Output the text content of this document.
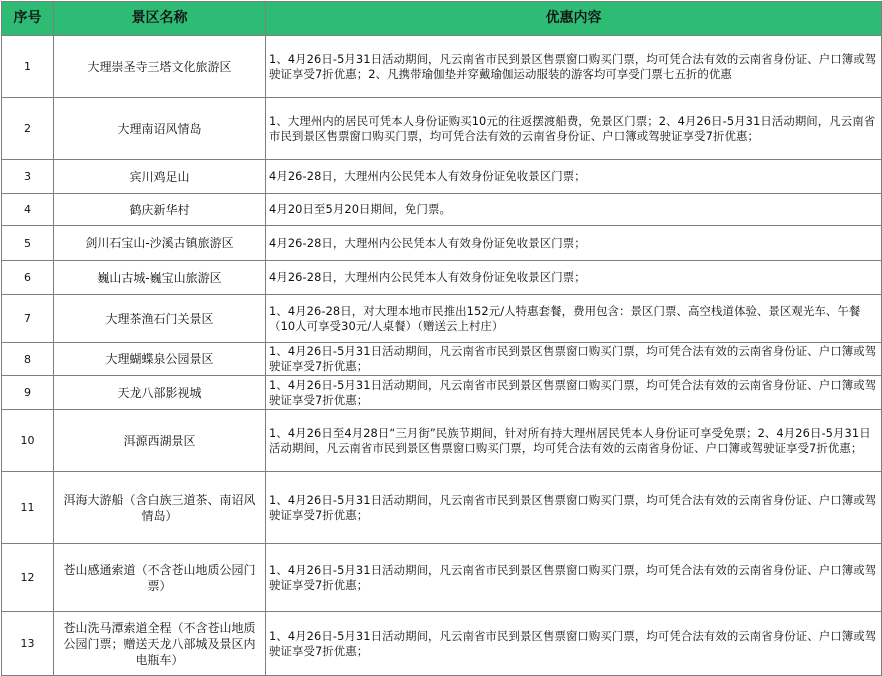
序号	景区名称	优惠内容
1	大理崇圣寺三塔文化旅游区	1、4月26日-5月31日活动期间，凡云南省市民到景区售票窗口购买门票，均可凭合法有效的云南省身份证、户口簿或驾驶证享受7折优惠；2、凡携带瑜伽垫并穿戴瑜伽运动服装的游客均可享受门票七五折的优惠
2	大理南诏风情岛	1、大理州内的居民可凭本人身份证购买10元的往返摆渡船费，免景区门票；2、4月26日-5月31日活动期间，凡云南省市民到景区售票窗口购买门票，均可凭合法有效的云南省身份证、户口簿或驾驶证享受7折优惠；
3	宾川鸡足山	4月26-28日，大理州内公民凭本人有效身份证免收景区门票；
4	鹤庆新华村	4月20日至5月20日期间，免门票。
5	剑川石宝山-沙溪古镇旅游区	4月26-28日，大理州内公民凭本人有效身份证免收景区门票；
6	巍山古城-巍宝山旅游区	4月26-28日，大理州内公民凭本人有效身份证免收景区门票；
7	大理茶渔石门关景区	1、4月26-28日，对大理本地市民推出152元/人特惠套餐，费用包含：景区门票、高空栈道体验、景区观光车、午餐（10人可享受30元/人桌餐）（赠送云上村庄）
8	大理蝴蝶泉公园景区	1、4月26日-5月31日活动期间，凡云南省市民到景区售票窗口购买门票，均可凭合法有效的云南省身份证、户口簿或驾驶证享受7折优惠；
9	天龙八部影视城	1、4月26日-5月31日活动期间，凡云南省市民到景区售票窗口购买门票，均可凭合法有效的云南省身份证、户口簿或驾驶证享受7折优惠；
10	洱源西湖景区	1、4月26日至4月28日“三月街”民族节期间，针对所有持大理州居民凭本人身份证可享受免票；2、4月26日-5月31日活动期间，凡云南省市民到景区售票窗口购买门票，均可凭合法有效的云南省身份证、户口簿或驾驶证享受7折优惠；
11	洱海大游船（含白族三道茶、南诏风情岛）	1、4月26日-5月31日活动期间，凡云南省市民到景区售票窗口购买门票，均可凭合法有效的云南省身份证、户口簿或驾驶证享受7折优惠；
12	苍山感通索道（不含苍山地质公园门票）	1、4月26日-5月31日活动期间，凡云南省市民到景区售票窗口购买门票，均可凭合法有效的云南省身份证、户口簿或驾驶证享受7折优惠；
13	苍山洗马潭索道全程（不含苍山地质公园门票；赠送天龙八部城及景区内电瓶车）	1、4月26日-5月31日活动期间，凡云南省市民到景区售票窗口购买门票，均可凭合法有效的云南省身份证、户口簿或驾驶证享受7折优惠；
